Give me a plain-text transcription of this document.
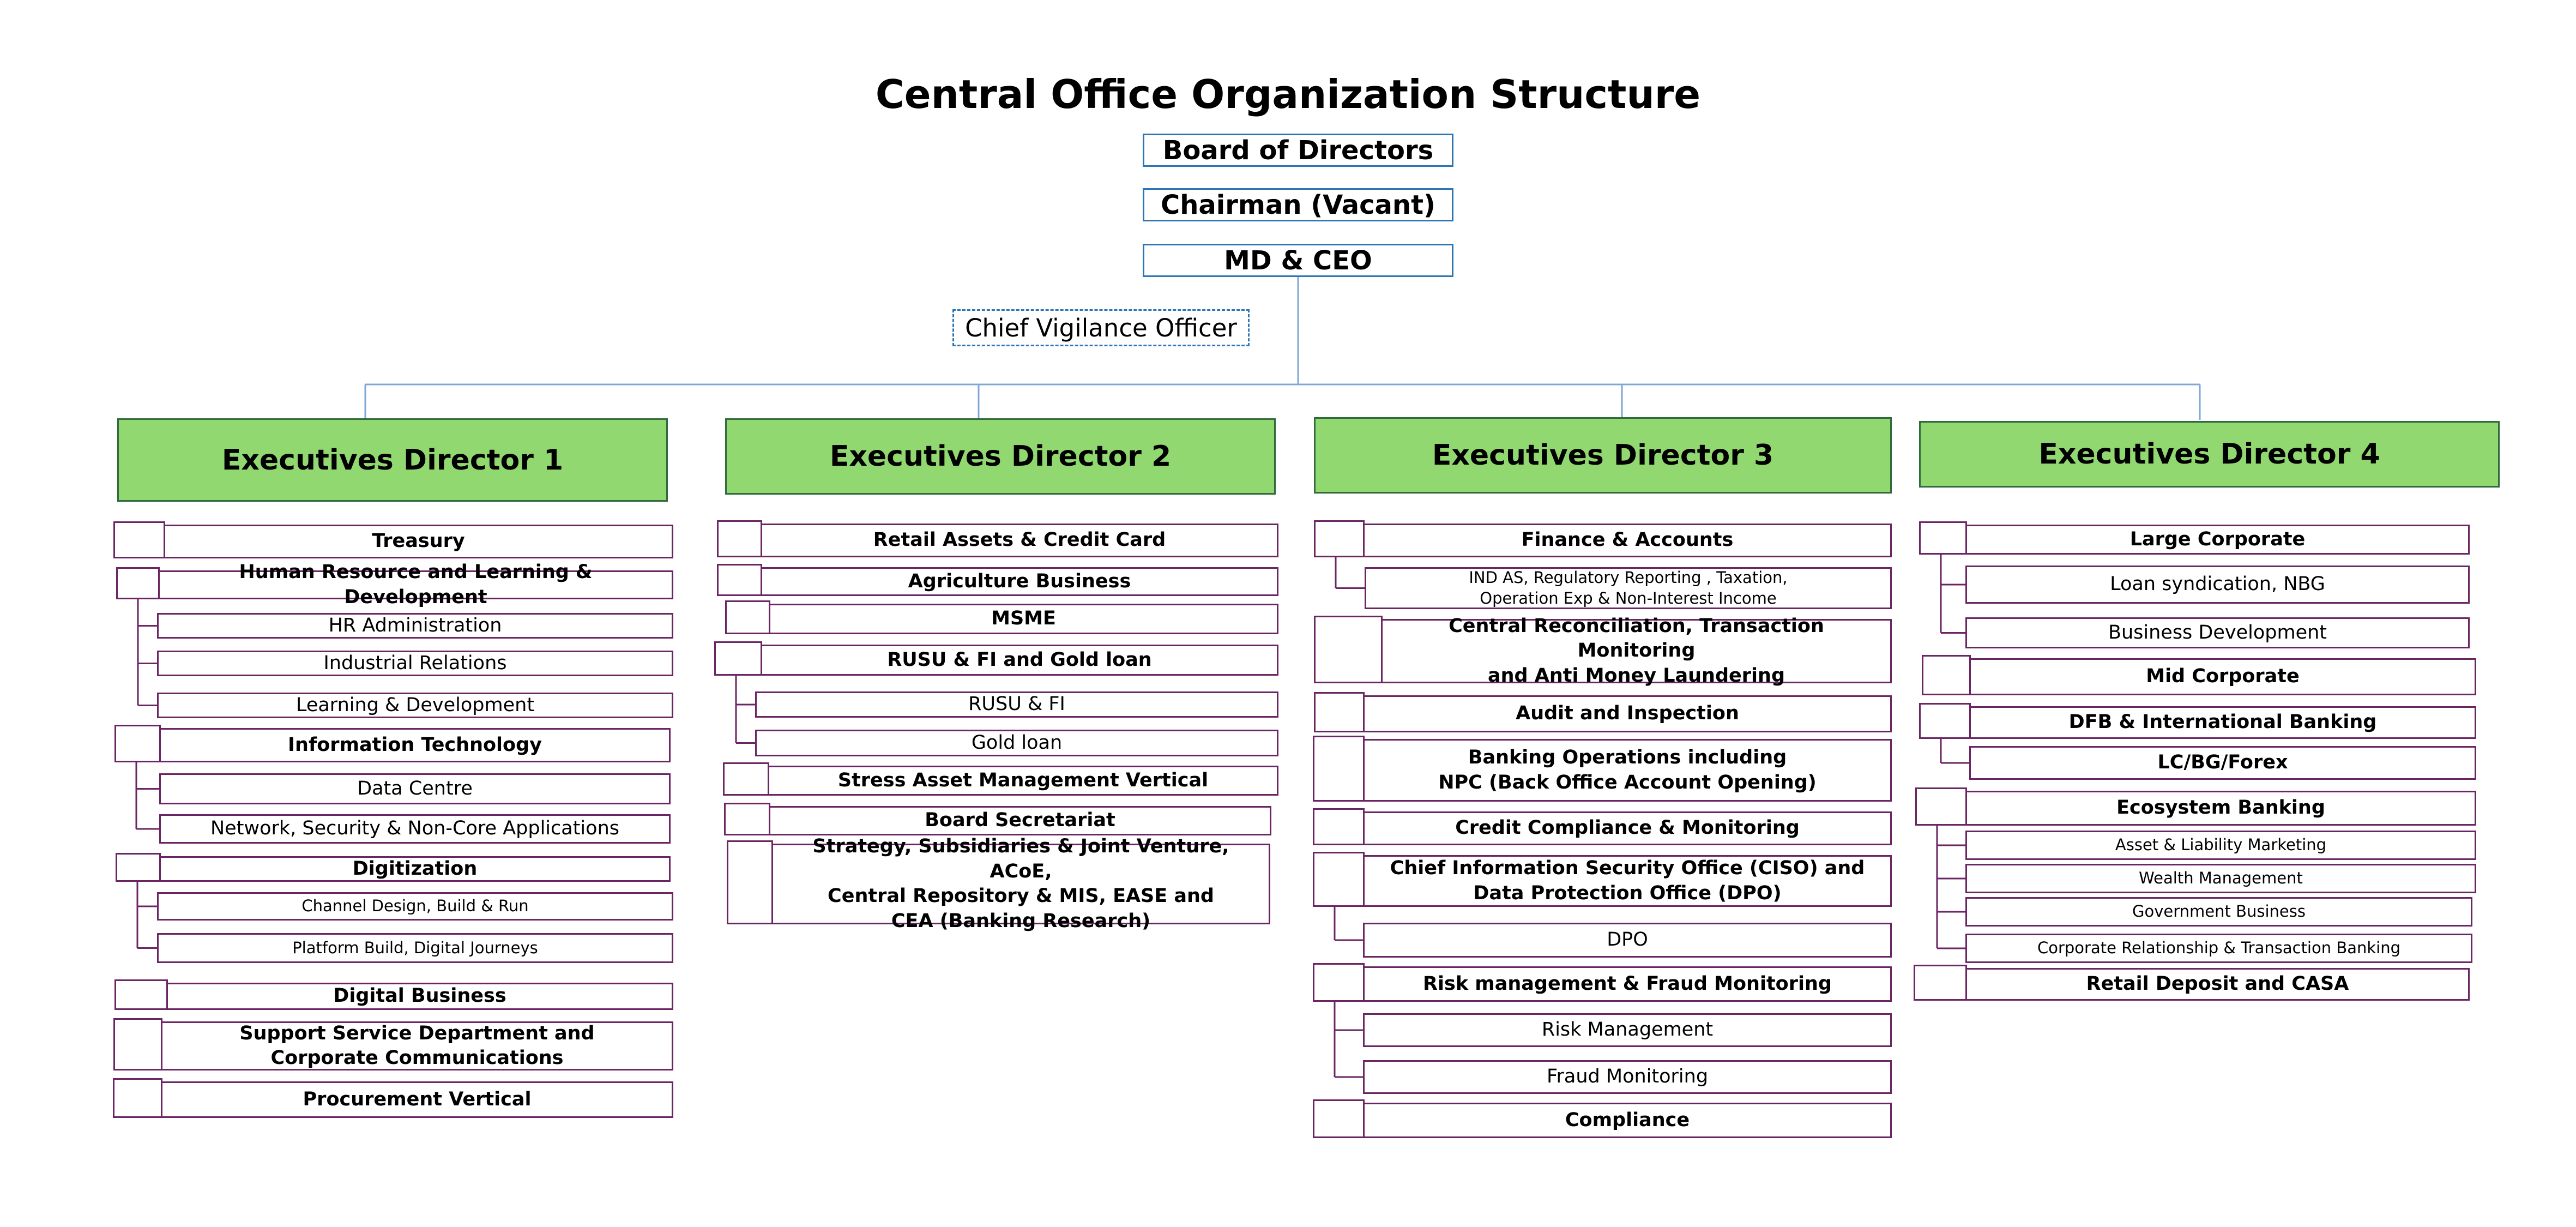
Central Office Organization Structure
Board of Directors
Chairman (Vacant)
MD & CEO
Chief Vigilance Officer
Executives Director 1
Treasury
Human Resource and Learning & Development
HR Administration
Industrial Relations
Learning & Development
Information Technology
Data Centre
Network, Security & Non-Core Applications
Digitization
Channel Design, Build & Run
Platform Build, Digital Journeys
Digital Business
Support Service Department and
Corporate Communications
Procurement Vertical
Executives Director 2
Retail Assets & Credit Card
Agriculture Business
MSME
RUSU & FI and Gold loan
RUSU & FI
Gold loan
Stress Asset Management Vertical
Board Secretariat
Strategy, Subsidiaries & Joint Venture, ACoE,
Central Repository & MIS, EASE and
CEA (Banking Research)
Executives Director 3
Finance & Accounts
IND AS, Regulatory Reporting , Taxation,
Operation Exp & Non-Interest Income
Central Reconciliation, Transaction Monitoring
and Anti Money Laundering
Audit and Inspection
Banking Operations including
NPC (Back Office Account Opening)
Credit Compliance & Monitoring
Chief Information Security Office (CISO) and
Data Protection Office (DPO)
DPO
Risk management & Fraud Monitoring
Risk Management
Fraud Monitoring
Compliance
Executives Director 4
Large Corporate
Loan syndication, NBG
Business Development
Mid Corporate
DFB & International Banking
LC/BG/Forex
Ecosystem Banking
Asset & Liability Marketing
Wealth Management
Government Business
Corporate Relationship & Transaction Banking
Retail Deposit and CASA
